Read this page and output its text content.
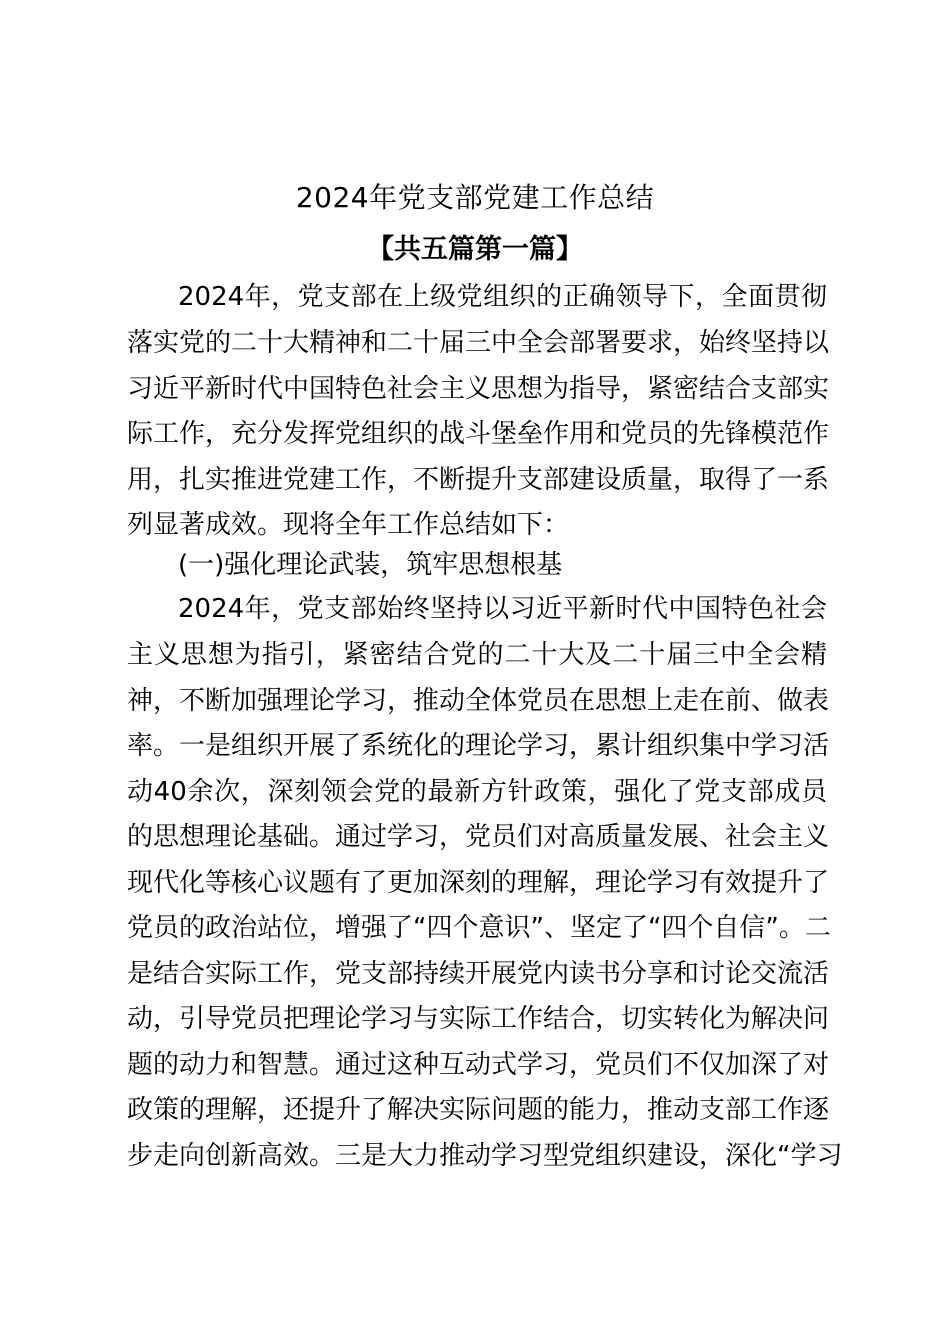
2024年党支部党建工作总结
【共五篇第一篇】
2024年，党支部在上级党组织的正确领导下，全面贯彻
落实党的二十大精神和二十届三中全会部署要求，始终坚持以
习近平新时代中国特色社会主义思想为指导，紧密结合支部实
际工作，充分发挥党组织的战斗堡垒作用和党员的先锋模范作
用，扎实推进党建工作，不断提升支部建设质量，取得了一系
列显著成效。现将全年工作总结如下：
(一)强化理论武装，筑牢思想根基
2024年，党支部始终坚持以习近平新时代中国特色社会
主义思想为指引，紧密结合党的二十大及二十届三中全会精
神，不断加强理论学习，推动全体党员在思想上走在前、做表
率。一是组织开展了系统化的理论学习，累计组织集中学习活
动40余次，深刻领会党的最新方针政策，强化了党支部成员
的思想理论基础。通过学习，党员们对高质量发展、社会主义
现代化等核心议题有了更加深刻的理解，理论学习有效提升了
党员的政治站位，增强了“四个意识”、坚定了“四个自信”。二
是结合实际工作，党支部持续开展党内读书分享和讨论交流活
动，引导党员把理论学习与实际工作结合，切实转化为解决问
题的动力和智慧。通过这种互动式学习，党员们不仅加深了对
政策的理解，还提升了解决实际问题的能力，推动支部工作逐
步走向创新高效。三是大力推动学习型党组织建设，深化“学习
